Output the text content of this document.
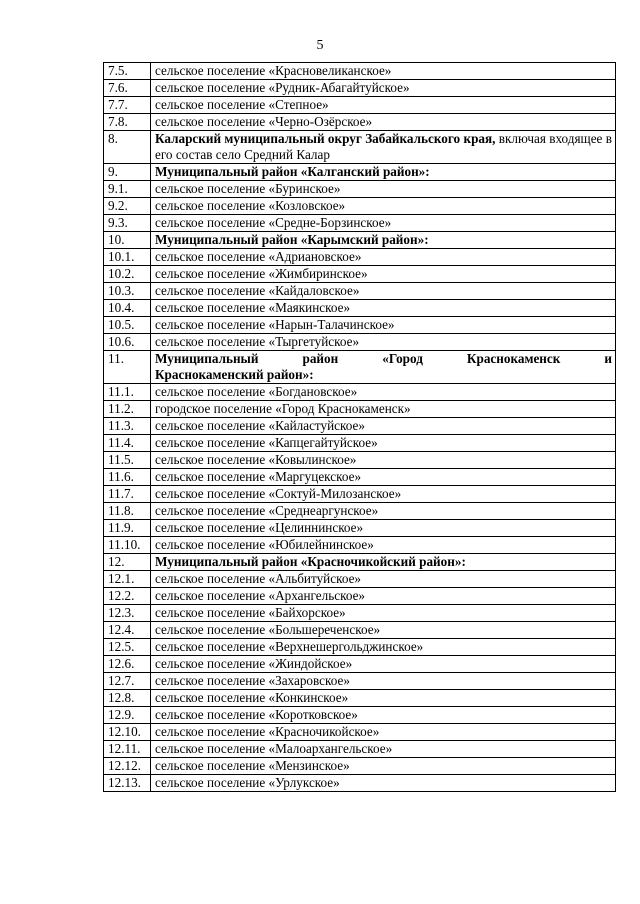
5
7.5.	сельское поселение «Красновеликанское»
7.6.	сельское поселение «Рудник-Абагайтуйское»
7.7.	сельское поселение «Степное»
7.8.	сельское поселение «Черно-Озёрское»
8.	Каларский муниципальный округ Забайкальского края, включая входящее в его состав село Средний Калар
9.	Муниципальный район «Калганский район»:
9.1.	сельское поселение «Буринское»
9.2.	сельское поселение «Козловское»
9.3.	сельское поселение «Средне-Борзинское»
10.	Муниципальный район «Карымский район»:
10.1.	сельское поселение «Адриановское»
10.2.	сельское поселение «Жимбиринское»
10.3.	сельское поселение «Кайдаловское»
10.4.	сельское поселение «Маякинское»
10.5.	сельское поселение «Нарын-Талачинское»
10.6.	сельское поселение «Тыргетуйское»
11.	Муниципальный район «Город Краснокаменск и
Краснокаменский район»:
11.1.	сельское поселение «Богдановское»
11.2.	городское поселение «Город Краснокаменск»
11.3.	сельское поселение «Кайластуйское»
11.4.	сельское поселение «Капцегайтуйское»
11.5.	сельское поселение «Ковылинское»
11.6.	сельское поселение «Маргуцекское»
11.7.	сельское поселение «Соктуй-Милозанское»
11.8.	сельское поселение «Среднеаргунское»
11.9.	сельское поселение «Целиннинское»
11.10.	сельское поселение «Юбилейнинское»
12.	Муниципальный район «Красночикойский район»:
12.1.	сельское поселение «Альбитуйское»
12.2.	сельское поселение «Архангельское»
12.3.	сельское поселение «Байхорское»
12.4.	сельское поселение «Большереченское»
12.5.	сельское поселение «Верхнешергольджинское»
12.6.	сельское поселение «Жиндойское»
12.7.	сельское поселение «Захаровское»
12.8.	сельское поселение «Конкинское»
12.9.	сельское поселение «Коротковское»
12.10.	сельское поселение «Красночикойское»
12.11.	сельское поселение «Малоархангельское»
12.12.	сельское поселение «Мензинское»
12.13.	сельское поселение «Урлукское»
